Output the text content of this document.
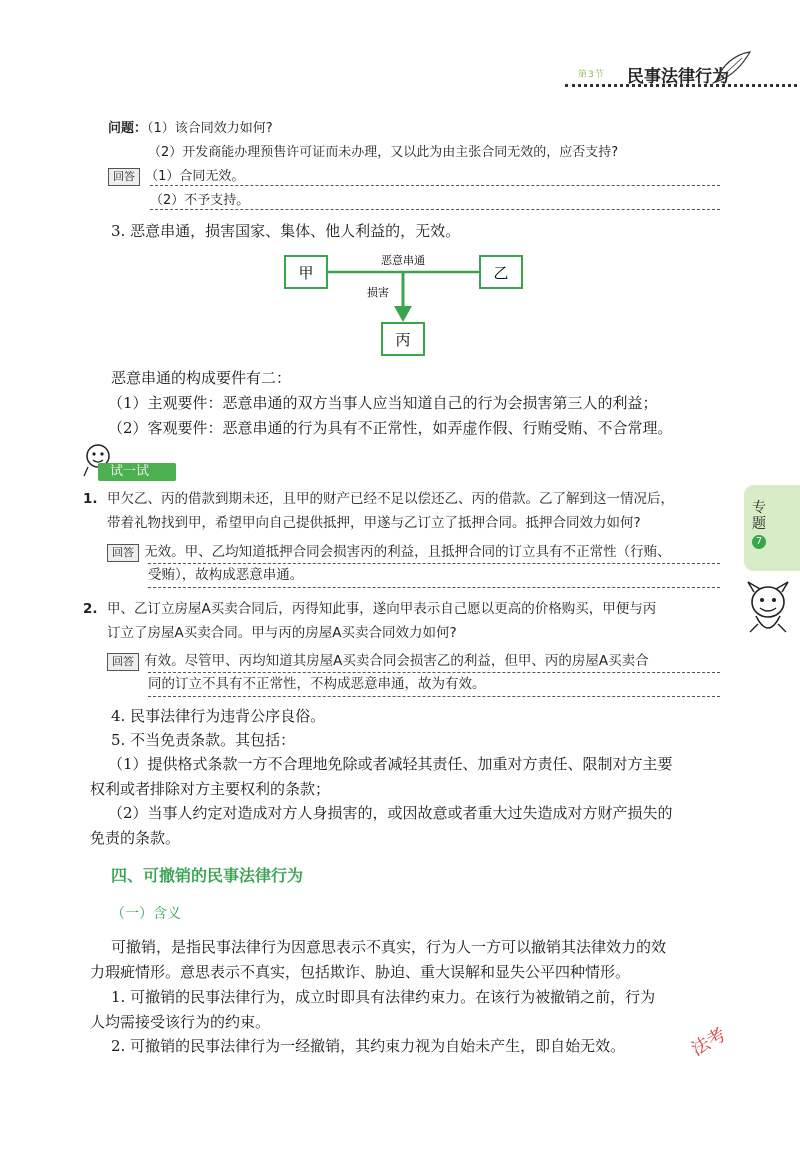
第3节 民事法律行为
问题：（1）该合同效力如何?
（2）开发商能办理预售许可证而未办理，又以此为由主张合同无效的，应否支持?
回答 （1）合同无效。
（2）不予支持。
3. 恶意串通，损害国家、集体、他人利益的，无效。
甲	乙
丙
恶意串通
损害
恶意串通的构成要件有二：
（1）主观要件：恶意串通的双方当事人应当知道自己的行为会损害第三人的利益；
（2）客观要件：恶意串通的行为具有不正常性，如弄虚作假、行贿受贿、不合常理。
试一试
1. 甲欠乙、丙的借款到期未还，且甲的财产已经不足以偿还乙、丙的借款。乙了解到这一情况后，
带着礼物找到甲，希望甲向自己提供抵押，甲遂与乙订立了抵押合同。抵押合同效力如何?
回答 无效。甲、乙均知道抵押合同会损害丙的利益，且抵押合同的订立具有不正常性（行贿、
受贿），故构成恶意串通。
专题
7
2. 甲、乙订立房屋A买卖合同后，丙得知此事，遂向甲表示自己愿以更高的价格购买，甲便与丙
订立了房屋A买卖合同。甲与丙的房屋A买卖合同效力如何?
回答 有效。尽管甲、丙均知道其房屋A买卖合同会损害乙的利益，但甲、丙的房屋A买卖合
同的订立不具有不正常性，不构成恶意串通，故为有效。
4. 民事法律行为违背公序良俗。
5. 不当免责条款。其包括：
（1）提供格式条款一方不合理地免除或者减轻其责任、加重对方责任、限制对方主要
权利或者排除对方主要权利的条款；
（2）当事人约定对造成对方人身损害的，或因故意或者重大过失造成对方财产损失的
免责的条款。
四、可撤销的民事法律行为
（一）含义
可撤销，是指民事法律行为因意思表示不真实，行为人一方可以撤销其法律效力的效
力瑕疵情形。意思表示不真实，包括欺诈、胁迫、重大误解和显失公平四种情形。
1. 可撤销的民事法律行为，成立时即具有法律约束力。在该行为被撤销之前，行为
人均需接受该行为的约束。
2. 可撤销的民事法律行为一经撤销，其约束力视为自始未产生，即自始无效。	法考
